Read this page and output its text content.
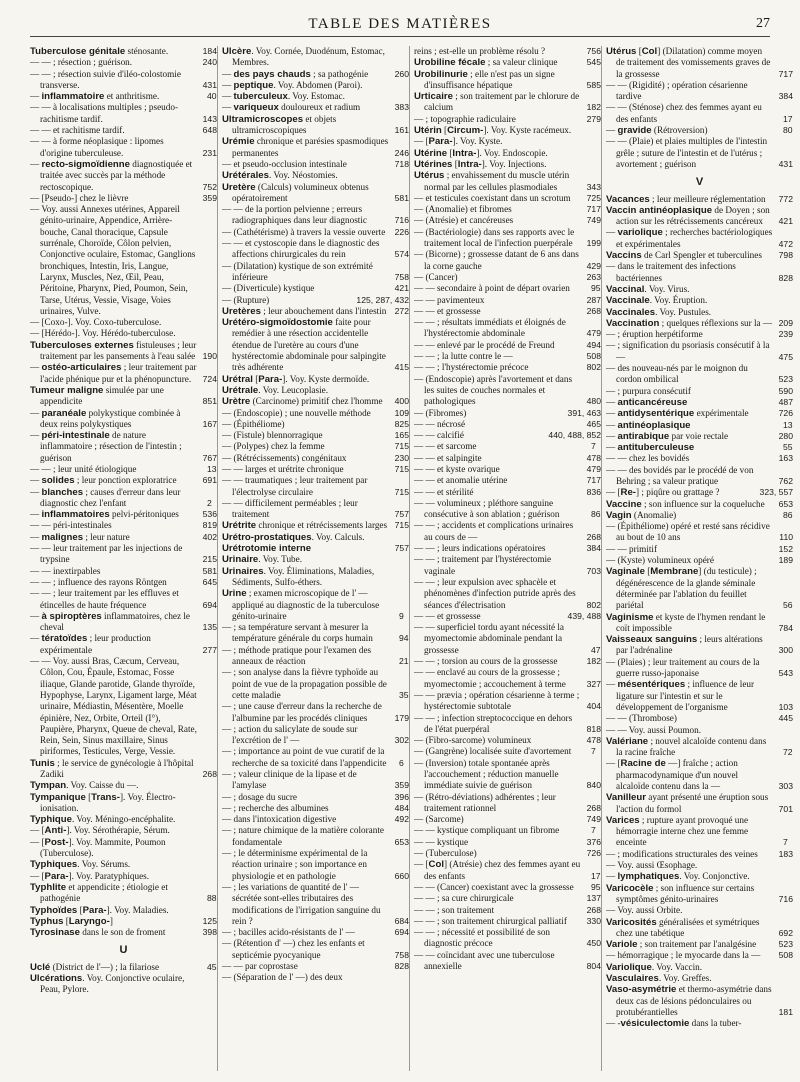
TABLE DES MATIÈRES	27
Tuberculose génitale sténosante.	184
— — ; résection ; guérison.	240
— — ; résection suivie d'iléo-colostomie transverse.	431
— inflammatoire et anthritisme.	40
— — à localisations multiples ; pseudo-rachitisme tardif.	143
— — et rachitisme tardif.	648
— — à forme néoplasique : lipomes d'origine tuberculeuse.	231
— recto-sigmoïdienne diagnostiquée et traitée avec succès par la méthode rectoscopique.	752
— [Pseudo-] chez le lièvre	359
— Voy. aussi Annexes utérines, Appareil génito-urinaire, Appendice, Arrière-bouche, Canal thoracique, Capsule surrénale, Choroïde, Côlon pelvien, Conjonctive oculaire, Estomac, Ganglions bronchiques, Intestin, Iris, Langue, Larynx, Muscles, Nez, Œil, Peau, Péritoine, Pharynx, Pied, Poumon, Sein, Tarse, Utérus, Vessie, Visage, Voies urinaires, Vulve.
— [Coxo-]. Voy. Coxo-tuberculose.
— [Hérédo-]. Voy. Hérédo-tuberculose.
Tuberculoses externes fistuleuses ; leur traitement par les pansements à l'eau salée 190
— ostéo-articulaires ; leur traitement par l'acide phénique pur et la phénopuncture. 724
Tumeur maligne simulée par une appendicite	851
— paranéale polykystique combinée à deux reins polykystiques	167
— péri-intestinale de nature inflammatoire ; résection de l'intestin ; guérison	767
— — ; leur unité étiologique	13
— solides ; leur ponction exploratrice	691
— blanches ; causes d'erreur dans leur diagnostic chez l'enfant	2
— inflammatoires pelvi-péritoniques	536
— — péri-intestinales	819
— malignes ; leur nature	402
— — leur traitement par les injections de trypsine	215
— — inextirpables	581
— — ; influence des rayons Röntgen	645
— — ; leur traitement par les effluves et étincelles de haute fréquence	694
— à spiroptères inflammatoires, chez le cheval	135
— tératoïdes ; leur production expérimentale	277
— — Voy. aussi Bras, Cæcum, Cerveau, Côlon, Cou, Épaule, Estomac, Fosse iliaque, Glande parotide, Glande thyroïde, Hypophyse, Larynx, Ligament large, Méat urinaire, Médiastin, Mésentère, Moelle épinière, Nez, Orbite, Orteil (I°), Paupière, Pharynx, Queue de cheval, Rate, Rein, Sein, Sinus maxillaire, Sinus piriformes, Testicules, Verge, Vessie.
Tunis ; le service de gynécologie à l'hôpital Zadiki	268
Tympan. Voy. Caisse du —.
Tympanique [Trans-]. Voy. Électro-ionisation.
Typhique. Voy. Méningo-encéphalite.
— [Anti-]. Voy. Sérothérapie, Sérum.
— [Post-]. Voy. Mammite, Poumon (Tuberculose).
Typhiques. Voy. Sérums.
— [Para-]. Voy. Paratyphiques.
Typhlite et appendicite ; étiologie et pathogénie	88
Typhoïdes [Para-]. Voy. Maladies.
Typhus [Laryngo-]	125
Tyrosinase dans le son de froment	398
U
Uclé (District de l'—) ; la filariose	45
Ulcérations. Voy. Conjonctive oculaire, Peau, Pylore.
Ulcère. Voy. Cornée, Duodénum, Estomac, Membres.
— des pays chauds ; sa pathogénie	260
— peptique. Voy. Abdomen (Paroi).
— tuberculeux. Voy. Estomac.
— variqueux douloureux et radium	383
Ultramicroscopes et objets ultramicroscopiques	161
Urémie chronique et parésies spasmodiques permanentes	246
— et pseudo-occlusion intestinale	718
Urétérales. Voy. Néostomies.
Uretère (Calculs) volumineux obtenus opératoirement	581
— — de la portion pelvienne ; erreurs radiographiques dans leur diagnostic	716
— (Cathétérisme) à travers la vessie ouverte 226
— — et cystoscopie dans le diagnostic des affections chirurgicales du rein	574
— (Dilatation) kystique de son extrémité inférieure	758
— (Diverticule) kystique	421
— (Rupture)	125, 287, 432
Uretères ; leur abouchement dans l'intestin 272
Urétéro-sigmoïdostomie faite pour remédier à une résection accidentelle étendue de l'uretère au cours d'une hystérectomie abdominale pour salpingite très adhérente	415
Urétral [Para-]. Voy. Kyste dermoïde.
Urétrale. Voy. Leucoplasie.
Urètre (Carcinome) primitif chez l'homme 400
— (Endoscopie) ; une nouvelle méthode	109
— (Épithéliome)	825
— (Fistule) blennorragique	165
— (Polypes) chez la femme	715
— (Rétrécissements) congénitaux	230
— — larges et urétrite chronique	715
— — traumatiques ; leur traitement par l'électrolyse circulaire	715
— — difficilement perméables ; leur traitement	757
Urétrite chronique et rétrécissements larges 715
Urétro-prostatiques. Voy. Calculs.
Urétrotomie interne	757
Urinaire. Voy. Tube.
Urinaires. Voy. Éliminations, Maladies, Sédiments, Sulfo-éthers.
Urine ; examen microscopique de l' — appliqué au diagnostic de la tuberculose génito-urinaire	9
— ; sa température servant à mesurer la température générale du corps humain	94
— ; méthode pratique pour l'examen des anneaux de réaction	21
— ; son analyse dans la fièvre typhoïde au point de vue de la propagation possible de cette maladie	35
— ; une cause d'erreur dans la recherche de l'albumine par les procédés cliniques	179
— ; action du salicylate de soude sur l'excrétion de l' —	302
— ; importance au point de vue curatif de la recherche de sa toxicité dans l'appendicite 6
— ; valeur clinique de la lipase et de l'amylase	359
— ; dosage du sucre	396
— ; recherche des albumines	484
— dans l'intoxication digestive	492
— ; nature chimique de la matière colorante fondamentale	653
— ; le déterminisme expérimental de la réaction urinaire ; son importance en physiologie et en pathologie	660
— ; les variations de quantité de l' — sécrétée sont-elles tributaires des modifications de l'irrigation sanguine du rein ?	684
— ; bacilles acido-résistants de l' —	694
— (Rétention d' —) chez les enfants et septicémie pyocyanique	758
— — par coprostase	828
— (Séparation de l' —) des deux
reins ; est-elle un problème résolu ?	756
Urobiline fécale ; sa valeur clinique	545
Urobilinurie ; elle n'est pas un signe d'insuffisance hépatique	585
Urticaire ; son traitement par le chlorure de calcium	182
— ; topographie radiculaire	279
Utérin [Circum-]. Voy. Kyste racémeux.
— [Para-]. Voy. Kyste.
Utérine [Intra-]. Voy. Endoscopie.
Utérines [Intra-]. Voy. Injections.
Utérus ; envahissement du muscle utérin normal par les cellules plasmodiales	343
— et testicules coexistant dans un scrotum 725
— (Anomalie) et fibromes	717
— (Atrésie) et cancéreuses	749
— (Bactériologie) dans ses rapports avec le traitement local de l'infection puerpérale 199
— (Bicorne) ; grossesse datant de 6 ans dans la corne gauche	429
— (Cancer)	263
— — secondaire à point de départ ovarien 95
— — pavimenteux	287
— — et grossesse	268
— — ; résultats immédiats et éloignés de l'hystérectomie abdominale	479
— — enlevé par le procédé de Freund	494
— — ; la lutte contre le —	508
— — ; l'hystérectomie précoce	802
— (Endoscopie) après l'avortement et dans les suites de couches normales et pathologiques	480
— (Fibromes)	391, 463
— — nécrosé	465
— — calcifié	440, 488, 852
— — et sarcome	7
— — et salpingite	478
— — et kyste ovarique	479
— — et anomalie utérine	717
— — et stérilité	836
— — volumineux ; pléthore sanguine consécutive à son ablation ; guérison	86
— — ; accidents et complications urinaires au cours de —	268
— — ; leurs indications opératoires	384
— — ; traitement par l'hystérectomie vaginale	703
— — ; leur expulsion avec sphacèle et phénomènes d'infection putride après des séances d'électrisation	802
— — et grossesse	439, 488
— — superficiel tordu ayant nécessité la myomectomie abdominale pendant la grossesse	47
— — ; torsion au cours de la grossesse	182
— — enclavé au cours de la grossesse ; myomectomie ; accouchement à terme 327
— — prævia ; opération césarienne à terme ; hystérectomie subtotale	404
— — ; infection streptococcique en dehors de l'état puerpéral	818
— (Fibro-sarcome) volumineux	478
— (Gangrène) localisée suite d'avortement 7
— (Inversion) totale spontanée après l'accouchement ; réduction manuelle immédiate suivie de guérison	840
— (Rétro-déviations) adhérentes ; leur traitement rationnel	268
— (Sarcome)	749
— — kystique compliquant un fibrome	7
— — kystique	376
— (Tuberculose)	726
— [Col] (Atrésie) chez des femmes ayant eu des enfants	17
— — (Cancer) coexistant avec la grossesse 95
— — ; sa cure chirurgicale	137
— — ; son traitement	268
— — ; son traitement chirurgical palliatif 330
— — ; nécessité et possibilité de son diagnostic précoce	450
— — coïncidant avec une tuberculose annexielle	804
Utérus [Col] (Dilatation) comme moyen de traitement des vomissements graves de la grossesse	717
— — (Rigidité) ; opération césarienne tardive	384
— — (Sténose) chez des femmes ayant eu des enfants	17
— gravide (Rétroversion)	80
— — (Plaie) et plaies multiples de l'intestin grêle ; suture de l'intestin et de l'utérus ; avortement ; guérison	431
V
Vacances ; leur meilleure réglementation 772
Vaccin antinéoplasique de Doyen ; son action sur les rétrécissements cancéreux 421
— variolique ; recherches bactériologiques et expérimentales	472
Vaccins de Carl Spengler et tuberculines 798
— dans le traitement des infections bactériennes	828
Vaccinal. Voy. Virus.
Vaccinale. Voy. Éruption.
Vaccinales. Voy. Pustules.
Vaccination ; quelques réflexions sur la — 209
— ; éruption herpétiforme	239
— ; signification du psoriasis consécutif à la —	475
— des nouveau-nés par le moignon du cordon ombilical	523
— ; purpura consécutif	590
— anticancéreuse	487
— antidysentérique expérimentale	726
— antinéoplasique	13
— antirabique par voie rectale	280
— antituberculeuse	55
— — chez les bovidés	163
— — des bovidés par le procédé de von Behring ; sa valeur pratique	762
— [Re-] ; piqûre ou grattage ?	323, 557
Vaccine ; son influence sur la coqueluche 653
Vagin (Anomalie)	86
— (Épithéliome) opéré et resté sans récidive au bout de 10 ans	110
— — primitif	152
— (Kyste) volumineux opéré	189
Vaginale [Membrane] (du testicule) ; dégénérescence de la glande séminale déterminée par l'ablation du feuillet pariétal	56
Vaginisme et kyste de l'hymen rendant le coït impossible	784
Vaisseaux sanguins ; leurs altérations par l'adrénaline	300
— (Plaies) ; leur traitement au cours de la guerre russo-japonaise	543
— mésentériques ; influence de leur ligature sur l'intestin et sur le développement de l'organisme	103
— — (Thrombose)	445
— — Voy. aussi Poumon.
Valériane ; nouvel alcaloïde contenu dans la racine fraîche	72
— [Racine de —] fraîche ; action pharmacodynamique d'un nouvel alcaloïde contenu dans la —	303
Vanilleur ayant présenté une éruption sous l'action du formol	701
Varices ; rupture ayant provoqué une hémorragie interne chez une femme enceinte	7
— ; modifications structurales des veines 183
— Voy. aussi Œsophage.
— lymphatiques. Voy. Conjonctive.
Varicocèle ; son influence sur certains symptômes génito-urinaires	716
— Voy. aussi Orbite.
Varicosités généralisées et symétriques chez une tabétique	692
Variole ; son traitement par l'analgésine	523
— hémorragique ; le myocarde dans la — 508
Variolique. Voy. Vaccin.
Vasculaires. Voy. Greffes.
Vaso-asymétrie et thermo-asymétrie dans deux cas de lésions pédonculaires ou protubérantielles	181
— -vésiculectomie dans la tuber-
